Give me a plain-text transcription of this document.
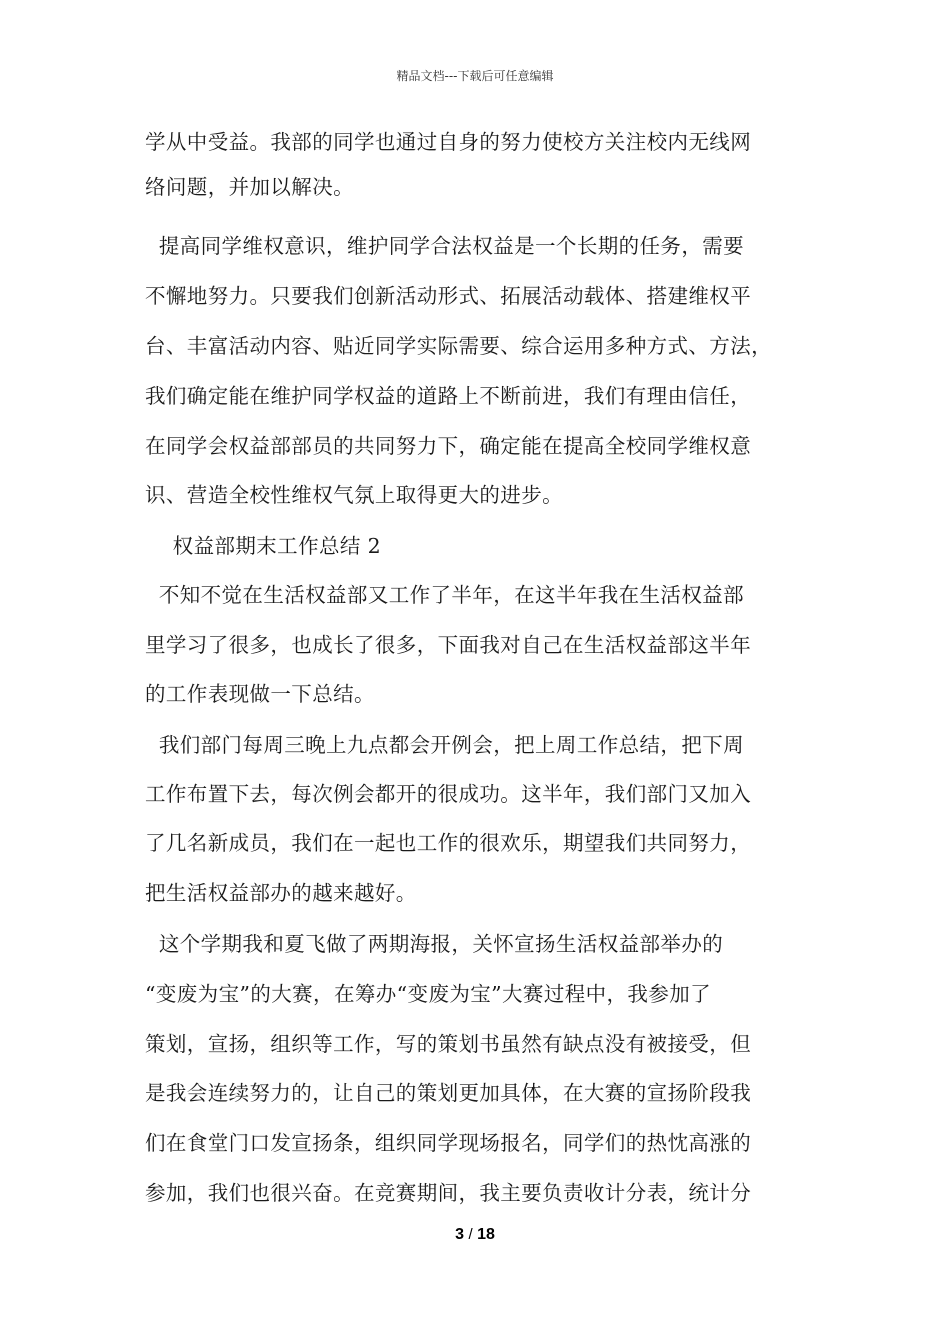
精品文档---下载后可任意编辑
学从中受益。我部的同学也通过自身的努力使校方关注校内无线网
络问题，并加以解决。
提高同学维权意识，维护同学合法权益是一个长期的任务，需要
不懈地努力。只要我们创新活动形式、拓展活动载体、搭建维权平
台、丰富活动内容、贴近同学实际需要、综合运用多种方式、方法，
我们确定能在维护同学权益的道路上不断前进，我们有理由信任，
在同学会权益部部员的共同努力下，确定能在提高全校同学维权意
识、营造全校性维权气氛上取得更大的进步。
权益部期末工作总结 2
不知不觉在生活权益部又工作了半年，在这半年我在生活权益部
里学习了很多，也成长了很多，下面我对自己在生活权益部这半年
的工作表现做一下总结。
我们部门每周三晚上九点都会开例会，把上周工作总结，把下周
工作布置下去，每次例会都开的很成功。这半年，我们部门又加入
了几名新成员，我们在一起也工作的很欢乐，期望我们共同努力，
把生活权益部办的越来越好。
这个学期我和夏飞做了两期海报，关怀宣扬生活权益部举办的
“变废为宝”的大赛，在筹办“变废为宝”大赛过程中，我参加了
策划，宣扬，组织等工作，写的策划书虽然有缺点没有被接受，但
是我会连续努力的，让自己的策划更加具体，在大赛的宣扬阶段我
们在食堂门口发宣扬条，组织同学现场报名，同学们的热忱高涨的
参加，我们也很兴奋。在竞赛期间，我主要负责收计分表，统计分
3 / 18
